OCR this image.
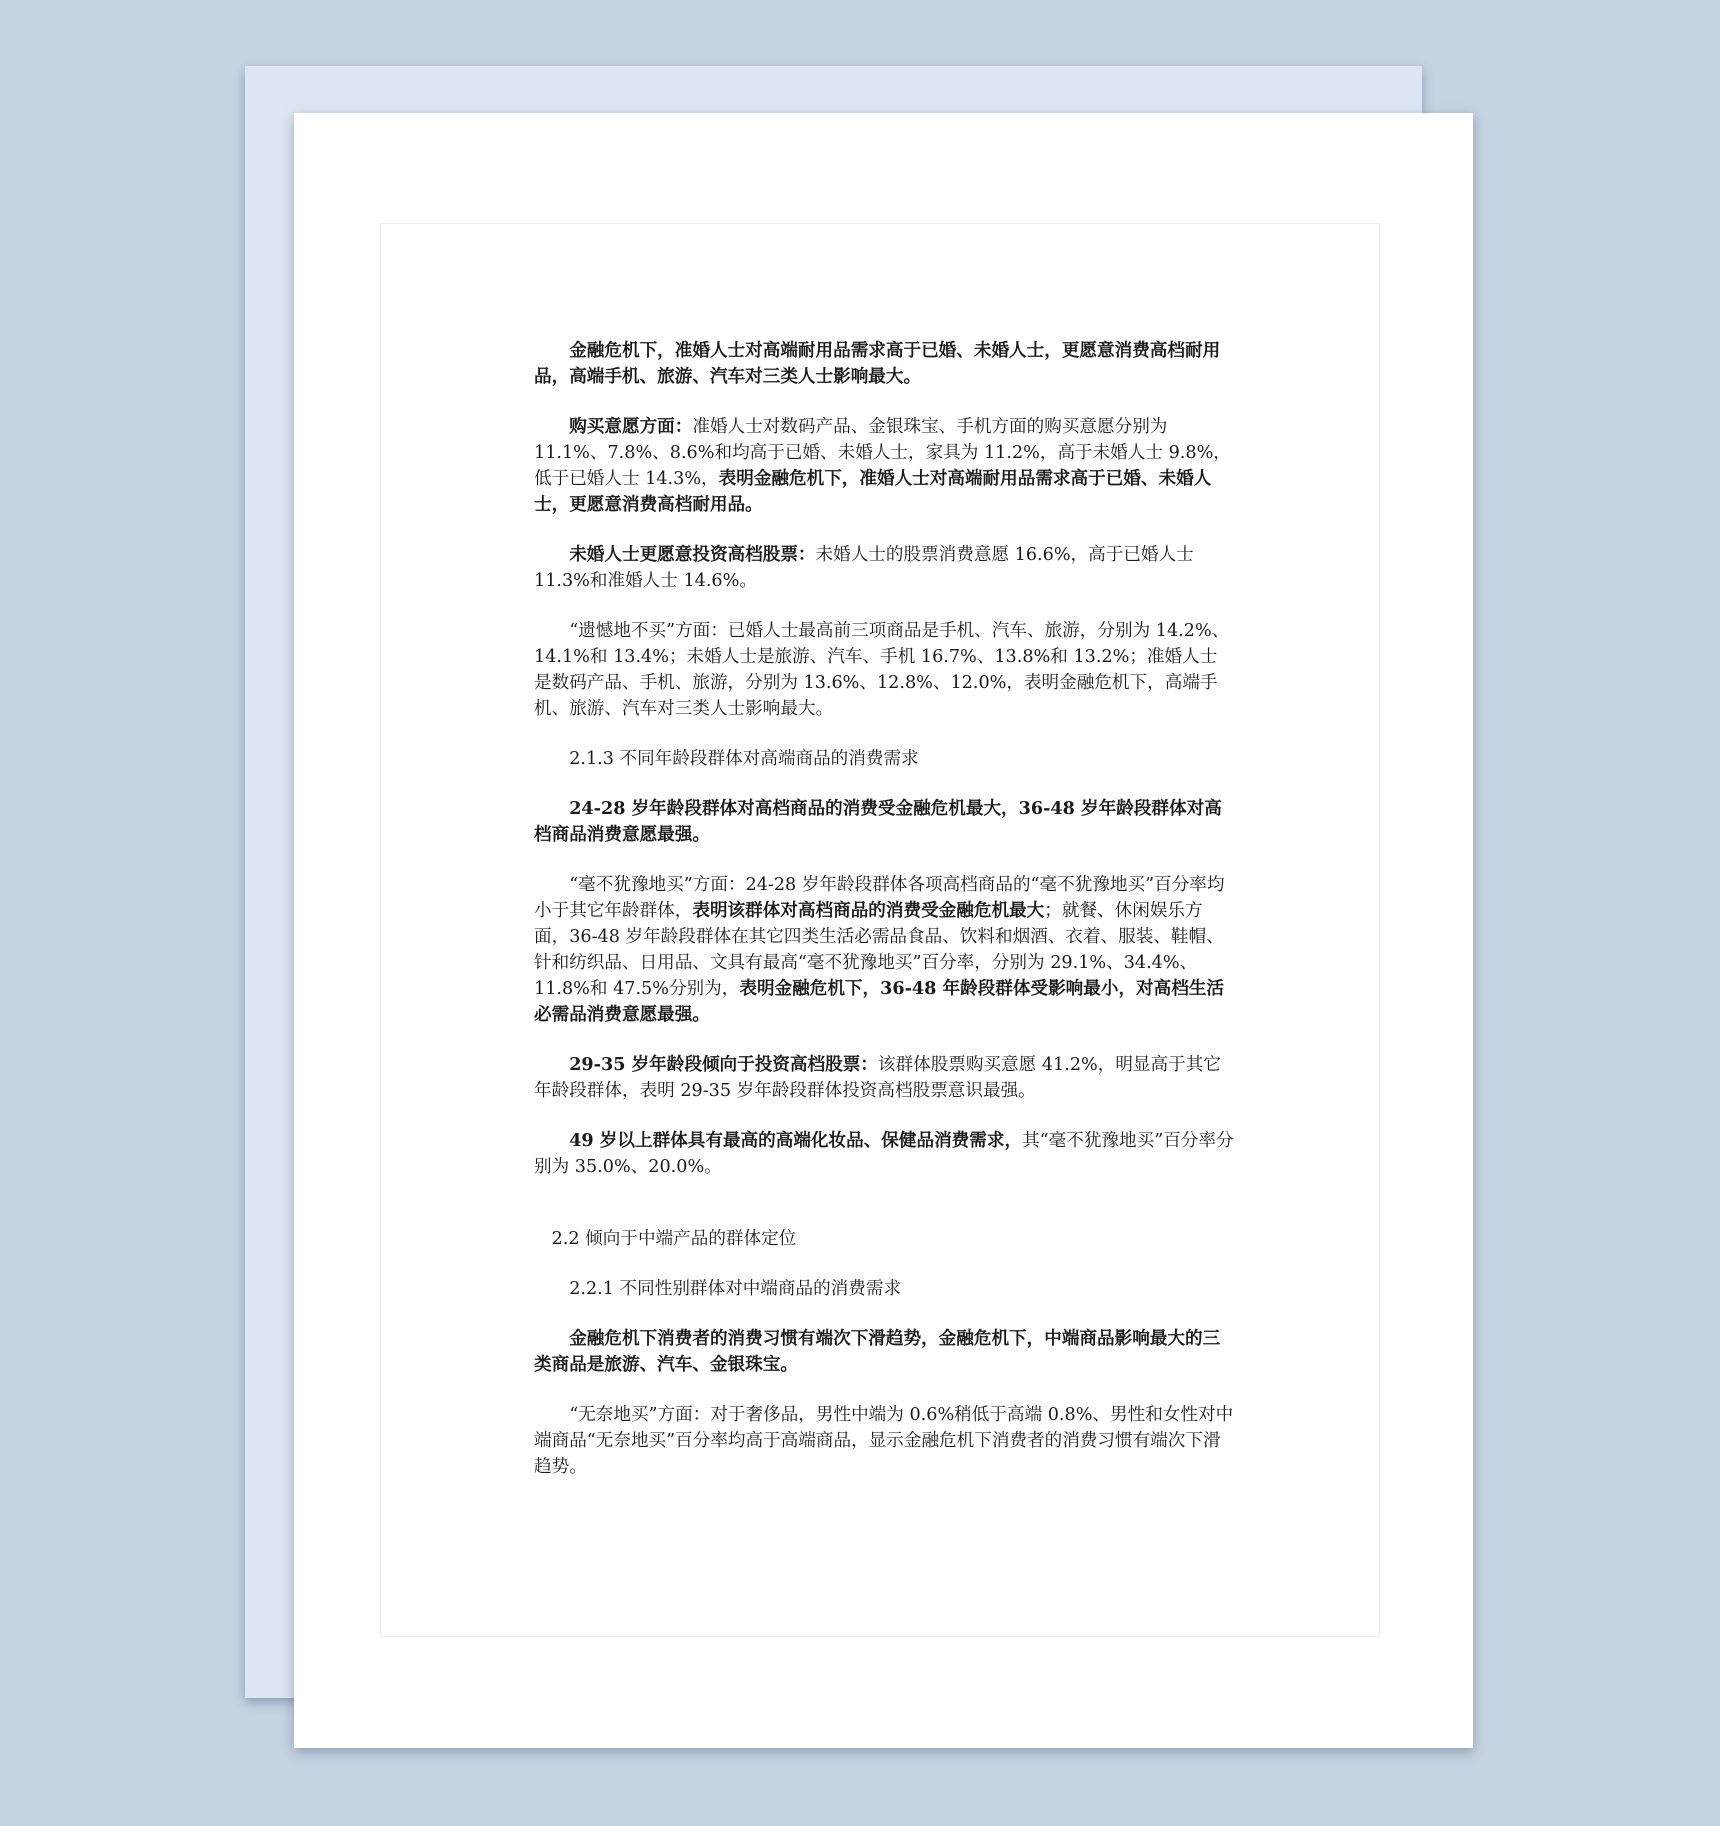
金融危机下，准婚人士对高端耐用品需求高于已婚、未婚人士，更愿意消费高档耐用品，高端手机、旅游、汽车对三类人士影响最大。

购买意愿方面：准婚人士对数码产品、金银珠宝、手机方面的购买意愿分别为 11.1%、7.8%、8.6%和均高于已婚、未婚人士，家具为 11.2%，高于未婚人士 9.8%，低于已婚人士 14.3%，表明金融危机下，准婚人士对高端耐用品需求高于已婚、未婚人士，更愿意消费高档耐用品。

未婚人士更愿意投资高档股票：未婚人士的股票消费意愿 16.6%，高于已婚人士 11.3%和准婚人士 14.6%。

“遗憾地不买”方面：已婚人士最高前三项商品是手机、汽车、旅游，分别为 14.2%、14.1%和 13.4%；未婚人士是旅游、汽车、手机 16.7%、13.8%和 13.2%；准婚人士是数码产品、手机、旅游，分别为 13.6%、12.8%、12.0%，表明金融危机下，高端手机、旅游、汽车对三类人士影响最大。

2.1.3 不同年龄段群体对高端商品的消费需求

24-28 岁年龄段群体对高档商品的消费受金融危机最大，36-48 岁年龄段群体对高档商品消费意愿最强。

“毫不犹豫地买”方面：24-28 岁年龄段群体各项高档商品的“毫不犹豫地买”百分率均小于其它年龄群体，表明该群体对高档商品的消费受金融危机最大；就餐、休闲娱乐方面，36-48 岁年龄段群体在其它四类生活必需品食品、饮料和烟酒、衣着、服装、鞋帽、针和纺织品、日用品、文具有最高“毫不犹豫地买”百分率，分别为 29.1%、34.4%、11.8%和 47.5%分别为，表明金融危机下，36-48 年龄段群体受影响最小，对高档生活必需品消费意愿最强。

29-35 岁年龄段倾向于投资高档股票：该群体股票购买意愿 41.2%，明显高于其它年龄段群体，表明 29-35 岁年龄段群体投资高档股票意识最强。

49 岁以上群体具有最高的高端化妆品、保健品消费需求，其“毫不犹豫地买”百分率分别为 35.0%、20.0%。

2.2 倾向于中端产品的群体定位

2.2.1 不同性别群体对中端商品的消费需求

金融危机下消费者的消费习惯有端次下滑趋势，金融危机下，中端商品影响最大的三类商品是旅游、汽车、金银珠宝。

“无奈地买”方面：对于奢侈品，男性中端为 0.6%稍低于高端 0.8%、男性和女性对中端商品“无奈地买”百分率均高于高端商品，显示金融危机下消费者的消费习惯有端次下滑趋势。
